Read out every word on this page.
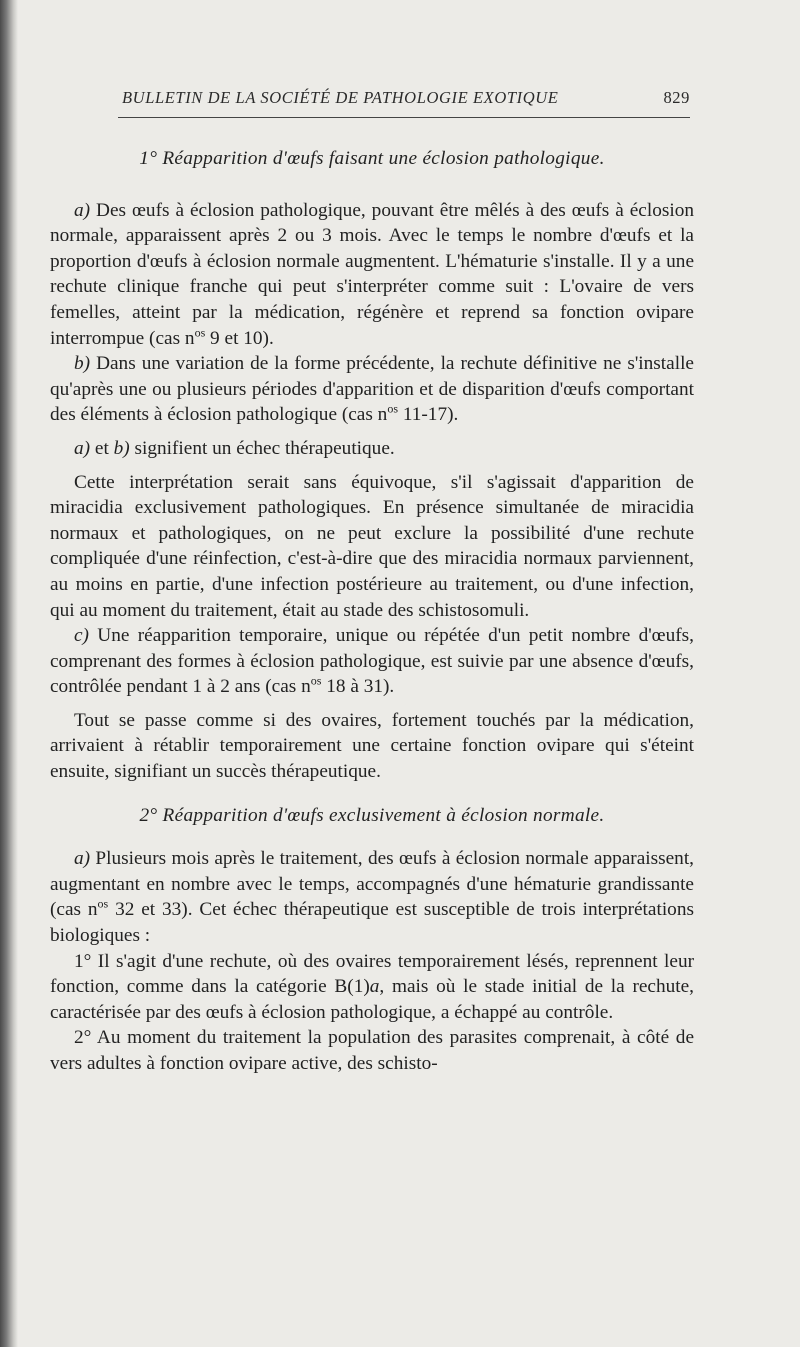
BULLETIN DE LA SOCIÉTÉ DE PATHOLOGIE EXOTIQUE	829

1° Réapparition d'œufs faisant une éclosion pathologique.

a) Des œufs à éclosion pathologique, pouvant être mêlés à des œufs à éclosion normale, apparaissent après 2 ou 3 mois. Avec le temps le nombre d'œufs et la proportion d'œufs à éclosion normale augmentent. L'hématurie s'installe. Il y a une rechute clinique franche qui peut s'interpréter comme suit : L'ovaire de vers femelles, atteint par la médication, régénère et reprend sa fonction ovipare interrompue (cas $n^{os}$ 9 et 10).

b) Dans une variation de la forme précédente, la rechute définitive ne s'installe qu'après une ou plusieurs périodes d'apparition et de disparition d'œufs comportant des éléments à éclosion pathologique (cas $n^{os}$ 11-17).

a) et b) signifient un échec thérapeutique.

Cette interprétation serait sans équivoque, s'il s'agissait d'apparition de miracidia exclusivement pathologiques. En présence simultanée de miracidia normaux et pathologiques, on ne peut exclure la possibilité d'une rechute compliquée d'une réinfection, c'est-à-dire que des miracidia normaux parviennent, au moins en partie, d'une infection postérieure au traitement, ou d'une infection, qui au moment du traitement, était au stade des schistosomuli.

c) Une réapparition temporaire, unique ou répétée d'un petit nombre d'œufs, comprenant des formes à éclosion pathologique, est suivie par une absence d'œufs, contrôlée pendant 1 à 2 ans (cas $n^{os}$ 18 à 31).

Tout se passe comme si des ovaires, fortement touchés par la médication, arrivaient à rétablir temporairement une certaine fonction ovipare qui s'éteint ensuite, signifiant un succès thérapeutique.

2° Réapparition d'œufs exclusivement à éclosion normale.

a) Plusieurs mois après le traitement, des œufs à éclosion normale apparaissent, augmentant en nombre avec le temps, accompagnés d'une hématurie grandissante (cas $n^{os}$ 32 et 33). Cet échec thérapeutique est susceptible de trois interprétations biologiques :

1° Il s'agit d'une rechute, où des ovaires temporairement lésés, reprennent leur fonction, comme dans la catégorie B(1)a, mais où le stade initial de la rechute, caractérisée par des œufs à éclosion pathologique, a échappé au contrôle.

2° Au moment du traitement la population des parasites comprenait, à côté de vers adultes à fonction ovipare active, des schisto-
